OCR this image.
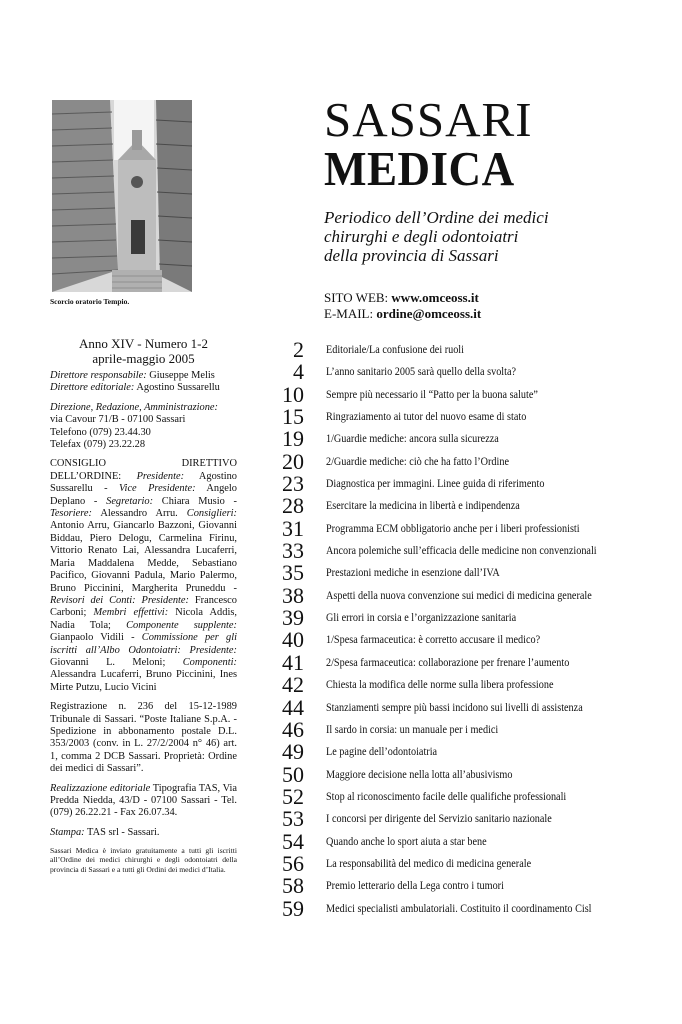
Scorcio oratorio Tempio.
SASSARI
MEDICA
Periodico dell’Ordine dei medici
chirurghi e degli odontoiatri
della provincia di Sassari
SITO WEB: www.omceoss.it
E-MAIL: ordine@omceoss.it
Anno XIV - Numero 1-2
aprile-maggio 2005

Direttore responsabile: Giuseppe Melis
Direttore editoriale: Agostino Sussarellu

Direzione, Redazione, Amministrazione:
via Cavour 71/B - 07100 Sassari
Telefono (079) 23.44.30
Telefax (079) 23.22.28

CONSIGLIO DIRETTIVO DELL’ORDINE: Presidente: Agostino Sussarellu - Vice Presidente: Angelo Deplano - Segretario: Chiara Musio - Tesoriere: Alessandro Arru. Consiglieri: Antonio Arru, Giancarlo Bazzoni, Giovanni Biddau, Piero Delogu, Carmelina Firinu, Vittorio Renato Lai, Alessandra Lucaferri, Maria Maddalena Medde, Sebastiano Pacifico, Giovanni Padula, Mario Palermo, Bruno Piccinini, Margherita Pruneddu - Revisori dei Conti: Presidente: Francesco Carboni; Membri effettivi: Nicola Addis, Nadia Tola; Componente supplente: Gianpaolo Vidili - Commissione per gli iscritti all’Albo Odontoiatri: Presidente: Giovanni L. Meloni; Componenti: Alessandra Lucaferri, Bruno Piccinini, Ines Mirte Putzu, Lucio Vicini

Registrazione n. 236 del 15-12-1989 Tribunale di Sassari. “Poste Italiane S.p.A. - Spedizione in abbonamento postale D.L. 353/2003 (conv. in L. 27/2/2004 n° 46) art. 1, comma 2 DCB Sassari. Proprietà: Ordine dei medici di Sassari”.

Realizzazione editoriale Tipografia TAS, Via Predda Niedda, 43/D - 07100 Sassari - Tel. (079) 26.22.21 - Fax 26.07.34.

Stampa: TAS srl - Sassari.

Sassari Medica è inviato gratuitamente a tutti gli iscritti all’Ordine dei medici chirurghi e degli odontoiatri della provincia di Sassari e a tutti gli Ordini dei medici d’Italia.

2 Editoriale/La confusione dei ruoli
4 L’anno sanitario 2005 sarà quello della svolta?
10 Sempre più necessario il “Patto per la buona salute”
15 Ringraziamento ai tutor del nuovo esame di stato
19 1/Guardie mediche: ancora sulla sicurezza
20 2/Guardie mediche: ciò che ha fatto l’Ordine
23 Diagnostica per immagini. Linee guida di riferimento
28 Esercitare la medicina in libertà e indipendenza
31 Programma ECM obbligatorio anche per i liberi professionisti
33 Ancora polemiche sull’efficacia delle medicine non convenzionali
35 Prestazioni mediche in esenzione dall’IVA
38 Aspetti della nuova convenzione sui medici di medicina generale
39 Gli errori in corsia e l’organizzazione sanitaria
40 1/Spesa farmaceutica: è corretto accusare il medico?
41 2/Spesa farmaceutica: collaborazione per frenare l’aumento
42 Chiesta la modifica delle norme sulla libera professione
44 Stanziamenti sempre più bassi incidono sui livelli di assistenza
46 Il sardo in corsia: un manuale per i medici
49 Le pagine dell’odontoiatria
50 Maggiore decisione nella lotta all’abusivismo
52 Stop al riconoscimento facile delle qualifiche professionali
53 I concorsi per dirigente del Servizio sanitario nazionale
54 Quando anche lo sport aiuta a star bene
56 La responsabilità del medico di medicina generale
58 Premio letterario della Lega contro i tumori
59 Medici specialisti ambulatoriali. Costituito il coordinamento Cisl
